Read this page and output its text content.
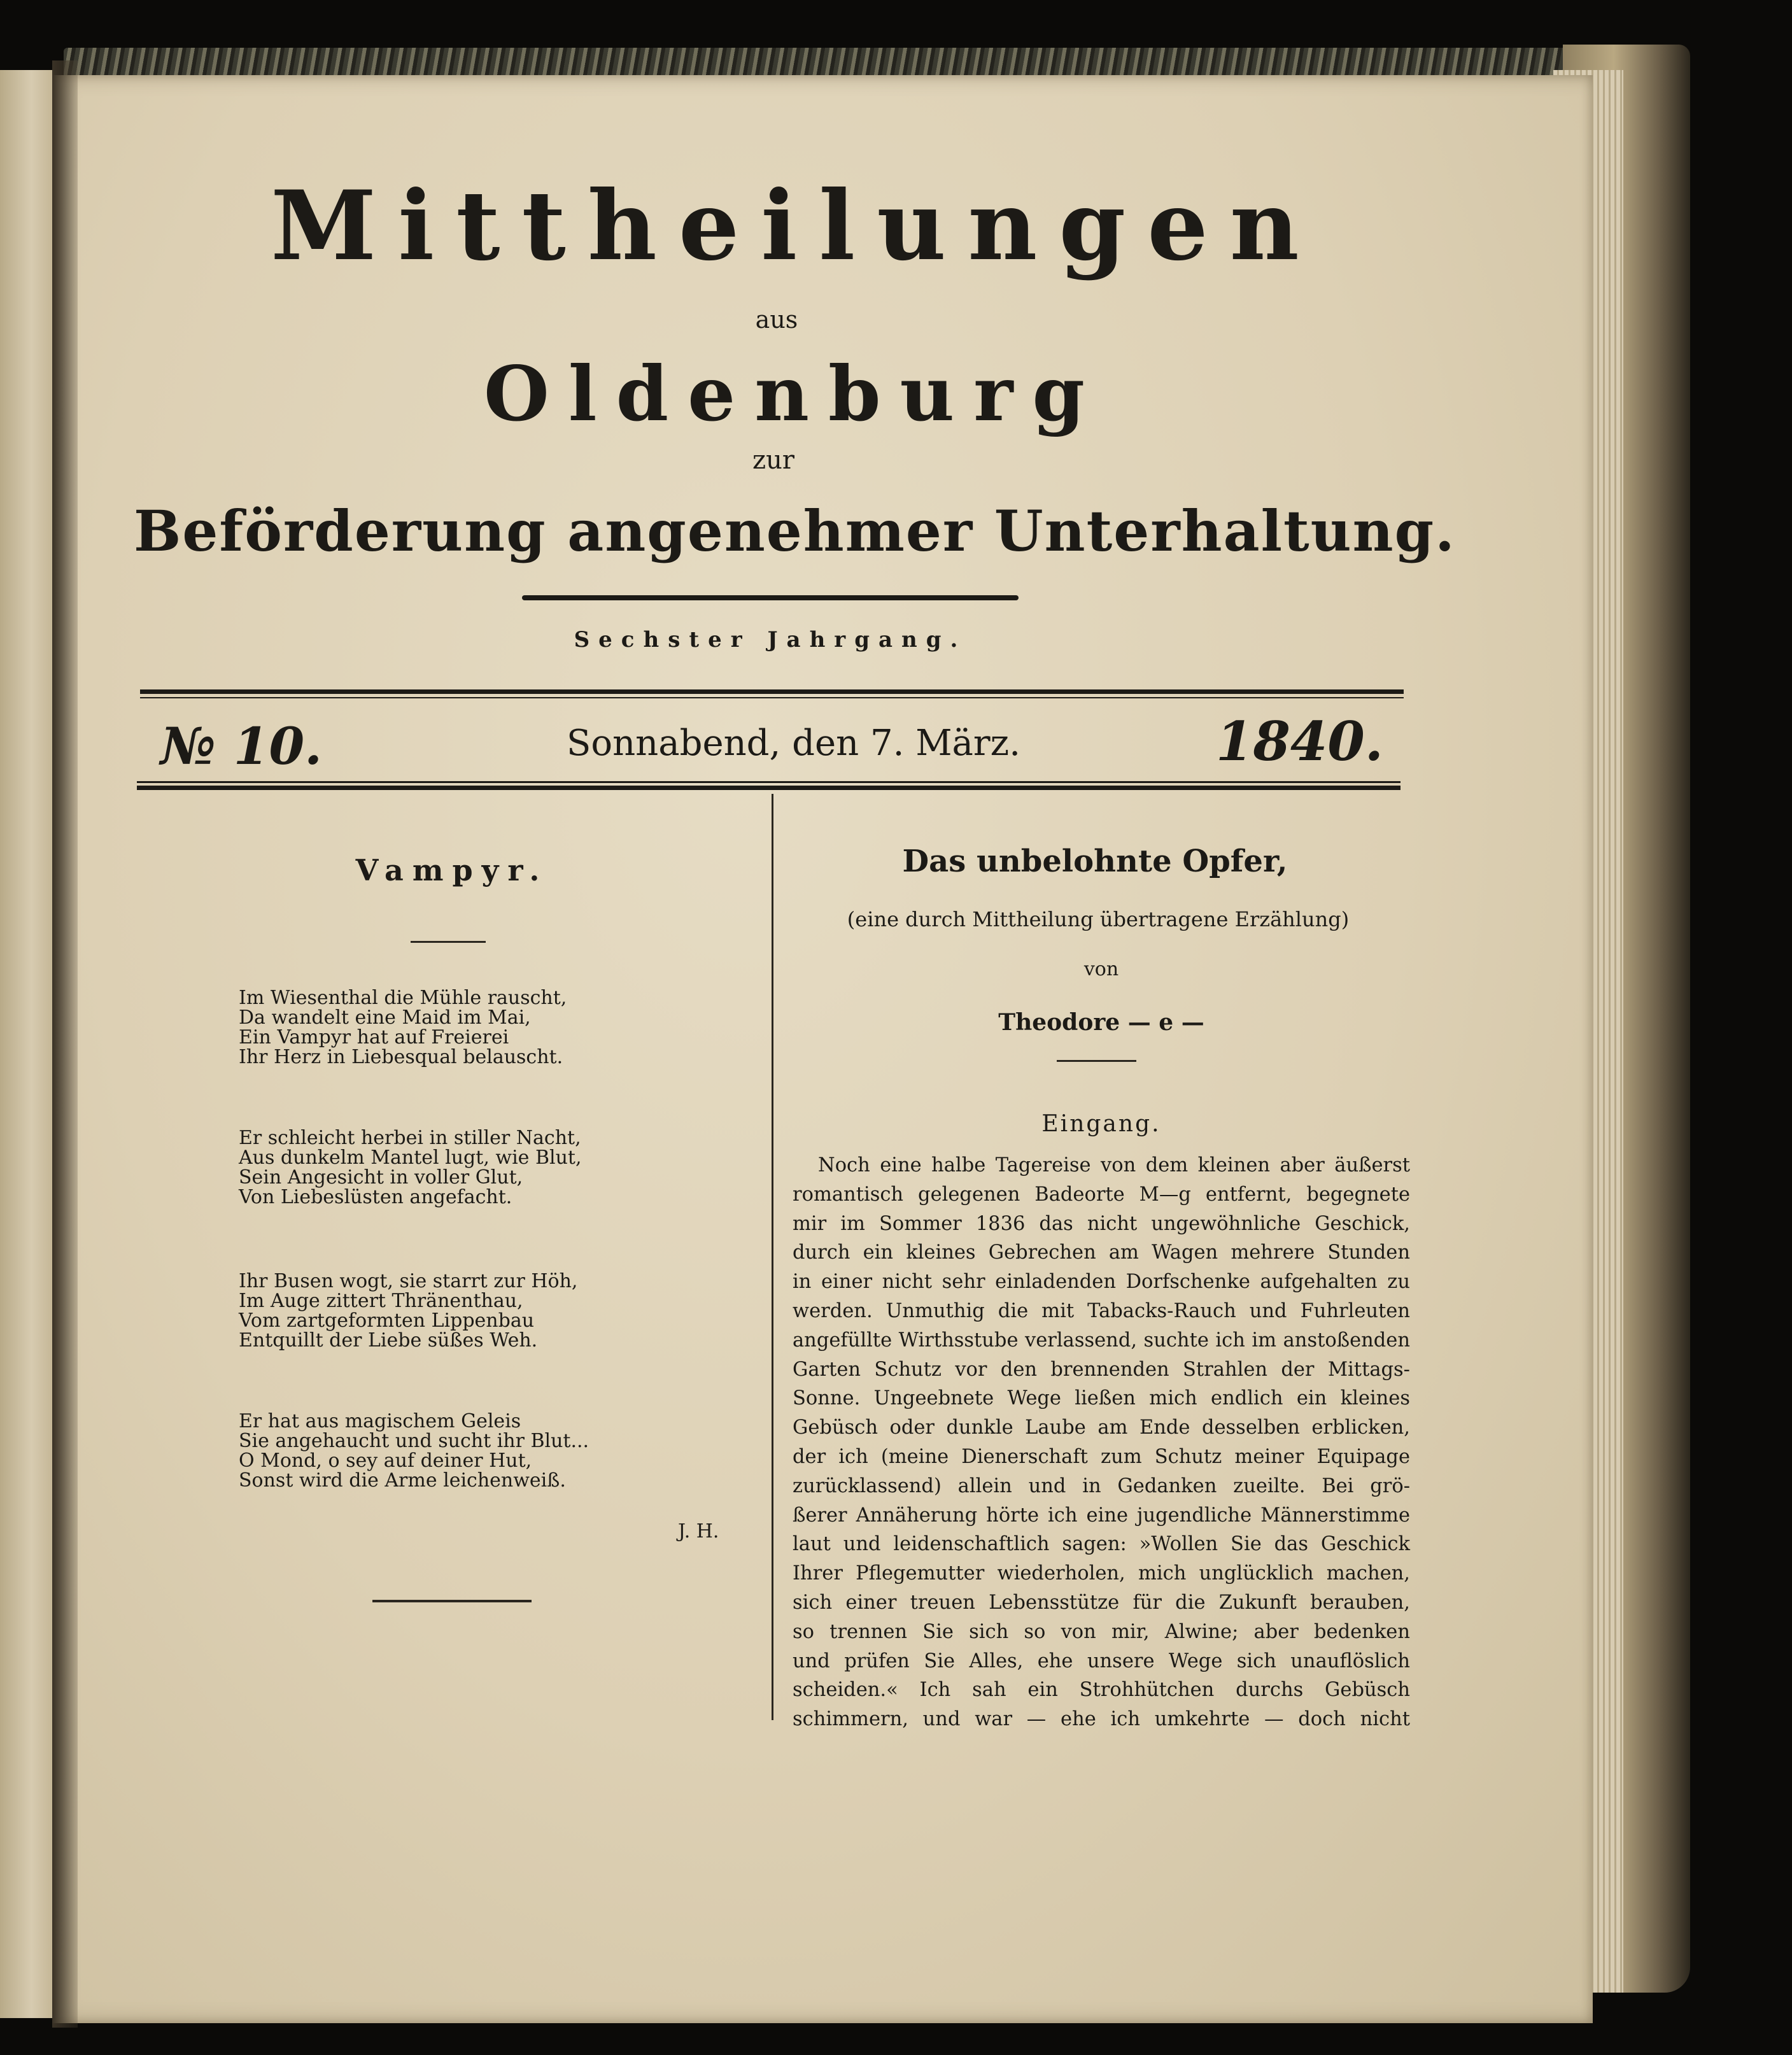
Mittheilungen
aus
Oldenburg
zur
Beförderung angenehmer Unterhaltung.
Sechster Jahrgang.
№ 10.	Sonnabend, den 7. März.	1840.
Vampyr.
Im Wiesenthal die Mühle rauscht,
Da wandelt eine Maid im Mai,
Ein Vampyr hat auf Freierei
Ihr Herz in Liebesqual belauscht.
Er schleicht herbei in stiller Nacht,
Aus dunkelm Mantel lugt, wie Blut,
Sein Angesicht in voller Glut,
Von Liebeslüsten angefacht.
Ihr Busen wogt, sie starrt zur Höh,
Im Auge zittert Thränenthau,
Vom zartgeformten Lippenbau
Entquillt der Liebe süßes Weh.
Er hat aus magischem Geleis
Sie angehaucht und sucht ihr Blut...
O Mond, o sey auf deiner Hut,
Sonst wird die Arme leichenweiß.
J. H.
Das unbelohnte Opfer,
(eine durch Mittheilung übertragene Erzählung)
von
Theodore — e —
Eingang.
Noch eine halbe Tagereise von dem kleinen aber äußerst
romantisch gelegenen Badeorte M—g entfernt, begegnete
mir im Sommer 1836 das nicht ungewöhnliche Geschick,
durch ein kleines Gebrechen am Wagen mehrere Stunden
in einer nicht sehr einladenden Dorfschenke aufgehalten zu
werden. Unmuthig die mit Tabacks-Rauch und Fuhrleuten
angefüllte Wirthsstube verlassend, suchte ich im anstoßenden
Garten Schutz vor den brennenden Strahlen der Mittags-
Sonne. Ungeebnete Wege ließen mich endlich ein kleines
Gebüsch oder dunkle Laube am Ende desselben erblicken,
der ich (meine Dienerschaft zum Schutz meiner Equipage
zurücklassend) allein und in Gedanken zueilte. Bei grö-
ßerer Annäherung hörte ich eine jugendliche Männerstimme
laut und leidenschaftlich sagen: »Wollen Sie das Geschick
Ihrer Pflegemutter wiederholen, mich unglücklich machen,
sich einer treuen Lebensstütze für die Zukunft berauben,
so trennen Sie sich so von mir, Alwine; aber bedenken
und prüfen Sie Alles, ehe unsere Wege sich unauflöslich
scheiden.« Ich sah ein Strohhütchen durchs Gebüsch
schimmern, und war — ehe ich umkehrte — doch nicht
